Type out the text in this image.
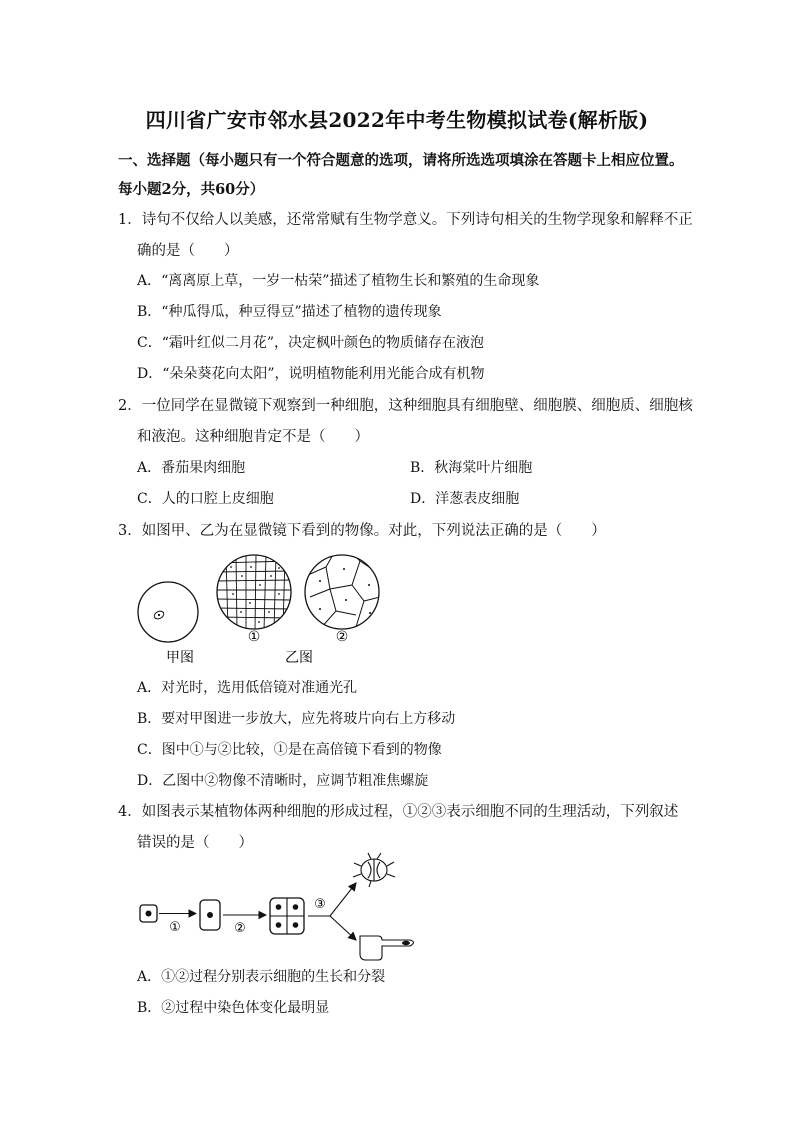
四川省广安市邻水县2022年中考生物模拟试卷(解析版)
一、选择题（每小题只有一个符合题意的选项，请将所选选项填涂在答题卡上相应位置。
每小题2分，共60分）
1．诗句不仅给人以美感，还常常赋有生物学意义。下列诗句相关的生物学现象和解释不正
确的是（　　）
A．“离离原上草，一岁一枯荣”描述了植物生长和繁殖的生命现象
B．“种瓜得瓜，种豆得豆”描述了植物的遗传现象
C．“霜叶红似二月花”，决定枫叶颜色的物质储存在液泡
D．“朵朵葵花向太阳”，说明植物能利用光能合成有机物
2．一位同学在显微镜下观察到一种细胞，这种细胞具有细胞壁、细胞膜、细胞质、细胞核
和液泡。这种细胞肯定不是（　　）
A．番茄果肉细胞	B．秋海棠叶片细胞
C．人的口腔上皮细胞	D．洋葱表皮细胞
3．如图甲、乙为在显微镜下看到的物像。对此，下列说法正确的是（　　）
①	②
甲图	乙图
A．对光时，选用低倍镜对准通光孔
B．要对甲图进一步放大，应先将玻片向右上方移动
C．图中①与②比较，①是在高倍镜下看到的物像
D．乙图中②物像不清晰时，应调节粗准焦螺旋
4．如图表示某植物体两种细胞的形成过程，①②③表示细胞不同的生理活动，下列叙述
错误的是（　　）
①	②
③
A．①②过程分别表示细胞的生长和分裂
B．②过程中染色体变化最明显
